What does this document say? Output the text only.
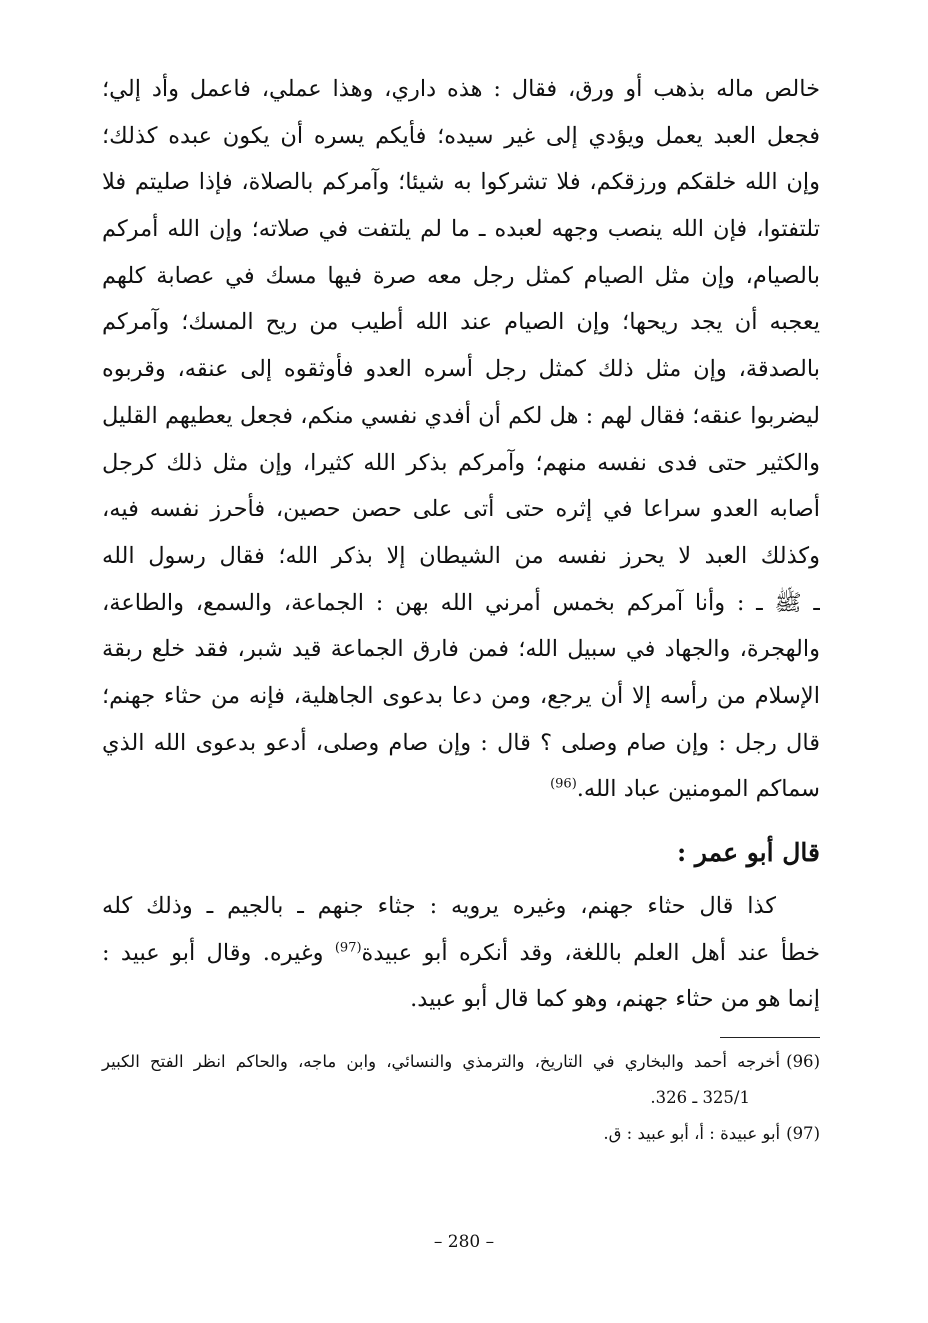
خالص ماله بذهب أو ورق، فقال : هذه داري، وهذا عملي، فاعمل وأد إلي؛
فجعل العبد يعمل ويؤدي إلى غير سيده؛ فأيكم يسره أن يكون عبده كذلك؛
وإن الله خلقكم ورزقكم، فلا تشركوا به شيئا؛ وآمركم بالصلاة، فإذا صليتم فلا
تلتفتوا، فإن الله ينصب وجهه لعبده ـ ما لم يلتفت في صلاته؛ وإن الله أمركم
بالصيام، وإن مثل الصيام كمثل رجل معه صرة فيها مسك في عصابة كلهم
يعجبه أن يجد ريحها؛ وإن الصيام عند الله أطيب من ريح المسك؛ وآمركم
بالصدقة، وإن مثل ذلك كمثل رجل أسره العدو فأوثقوه إلى عنقه، وقربوه
ليضربوا عنقه؛ فقال لهم : هل لكم أن أفدي نفسي منكم، فجعل يعطيهم القليل
والكثير حتى فدى نفسه منهم؛ وآمركم بذكر الله كثيرا، وإن مثل ذلك كرجل
أصابه العدو سراعا في إثره حتى أتى على حصن حصين، فأحرز نفسه فيه،
وكذلك العبد لا يحرز نفسه من الشيطان إلا بذكر الله؛ فقال رسول الله
ـ ﷺ ـ : وأنا آمركم بخمس أمرني الله بهن : الجماعة، والسمع، والطاعة،
والهجرة، والجهاد في سبيل الله؛ فمن فارق الجماعة قيد شبر، فقد خلع ربقة
الإسلام من رأسه إلا أن يرجع، ومن دعا بدعوى الجاهلية، فإنه من حثاء جهنم؛
قال رجل : وإن صام وصلى ؟ قال : وإن صام وصلى، أدعو بدعوى الله الذي
سماكم المومنين عباد الله.$^{(96)}$
قال أبو عمر :
كذا قال حثاء جهنم، وغيره يرويه : جثاء جنهم ـ بالجيم ـ وذلك كله
خطأ عند أهل العلم باللغة، وقد أنكره أبو عبيدة$^{(97)}$ وغيره. وقال أبو عبيد :
إنما هو من حثاء جهنم، وهو كما قال أبو عبيد.
(96)أخرجه أحمد والبخاري في التاريخ، والترمذي والنسائي، وابن ماجه، والحاكم انظر الفتح الكبير
325/1 ـ 326.
(97)أبو عبيدة : أ، أبو عبيد : ق.
– 280 –
